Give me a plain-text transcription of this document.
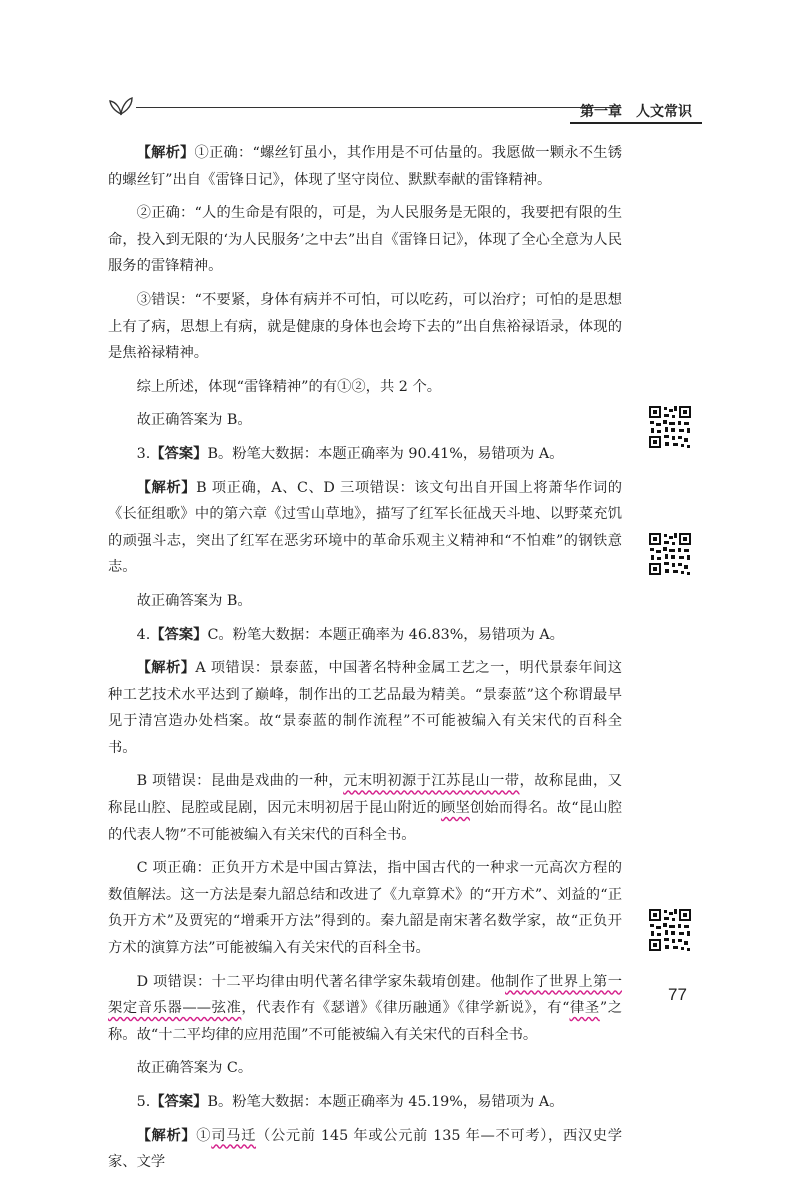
第一章 人文常识

【解析】①正确：“螺丝钉虽小，其作用是不可估量的。我愿做一颗永不生锈的螺丝钉”出自《雷锋日记》，体现了坚守岗位、默默奉献的雷锋精神。

②正确：“人的生命是有限的，可是，为人民服务是无限的，我要把有限的生命，投入到无限的‘为人民服务’之中去”出自《雷锋日记》，体现了全心全意为人民服务的雷锋精神。

③错误：“不要紧，身体有病并不可怕，可以吃药，可以治疗；可怕的是思想上有了病，思想上有病，就是健康的身体也会垮下去的”出自焦裕禄语录，体现的是焦裕禄精神。

综上所述，体现“雷锋精神”的有①②，共 2 个。

故正确答案为 B。

3.【答案】B。粉笔大数据：本题正确率为 90.41%，易错项为 A。

【解析】B 项正确，A、C、D 三项错误：该文句出自开国上将萧华作词的《长征组歌》中的第六章《过雪山草地》，描写了红军长征战天斗地、以野菜充饥的顽强斗志，突出了红军在恶劣环境中的革命乐观主义精神和“不怕难”的钢铁意志。

故正确答案为 B。

4.【答案】C。粉笔大数据：本题正确率为 46.83%，易错项为 A。

【解析】A 项错误：景泰蓝，中国著名特种金属工艺之一，明代景泰年间这种工艺技术水平达到了巅峰，制作出的工艺品最为精美。“景泰蓝”这个称谓最早见于清宫造办处档案。故“景泰蓝的制作流程”不可能被编入有关宋代的百科全书。

B 项错误：昆曲是戏曲的一种，元末明初源于江苏昆山一带，故称昆曲，又称昆山腔、昆腔或昆剧，因元末明初居于昆山附近的顾坚创始而得名。故“昆山腔的代表人物”不可能被编入有关宋代的百科全书。

C 项正确：正负开方术是中国古算法，指中国古代的一种求一元高次方程的数值解法。这一方法是秦九韶总结和改进了《九章算术》的“开方术”、刘益的“正负开方术”及贾宪的“增乘开方法”得到的。秦九韶是南宋著名数学家，故“正负开方术的演算方法”可能被编入有关宋代的百科全书。

D 项错误：十二平均律由明代著名律学家朱载堉创建。他制作了世界上第一架定音乐器——弦准，代表作有《瑟谱》《律历融通》《律学新说》，有“律圣”之称。故“十二平均律的应用范围”不可能被编入有关宋代的百科全书。

故正确答案为 C。

5.【答案】B。粉笔大数据：本题正确率为 45.19%，易错项为 A。

【解析】①司马迁（公元前 145 年或公元前 135 年—不可考），西汉史学家、文学

77
